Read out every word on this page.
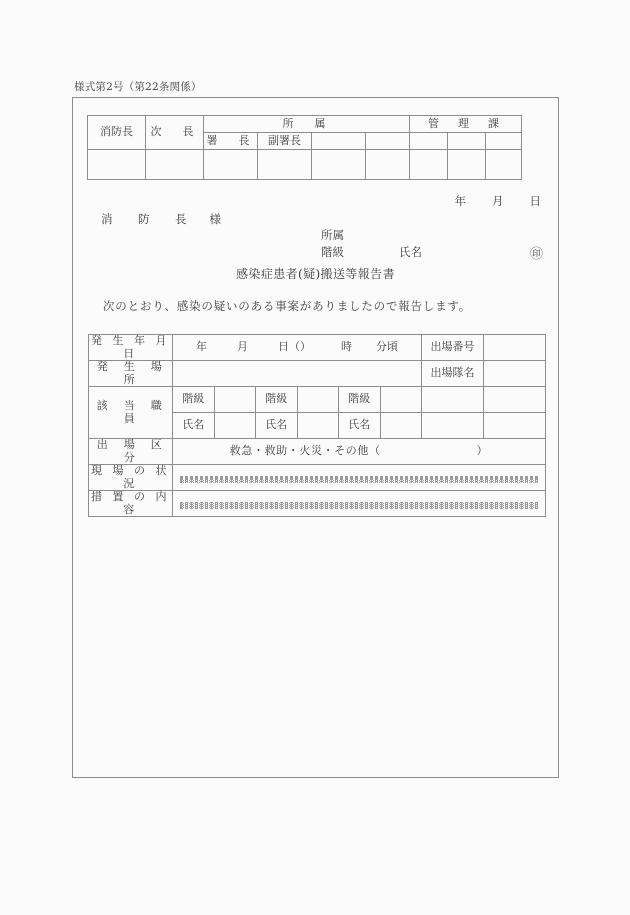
様式第2号（第22条関係）
消防長	次　長	所　属				管　理　課		
		署　長	副署長					

年 月 日
消　防　長 様
所属
階級	氏名	㊞
感染症患者(疑)搬送等報告書
次のとおり、感染の疑いのある事案がありましたので報告します。
発 生 年 月 日	年 月 日（） 時 分頃						出場番号	
発　生　場　所							出場隊名	
該　当　職　員	階級		階級		階級			
	氏名		氏名		氏名			
出　場　区　分	救急・救助・火災・その他（ ）							

現 場 の 状 況								

措 置 の 内 容								
